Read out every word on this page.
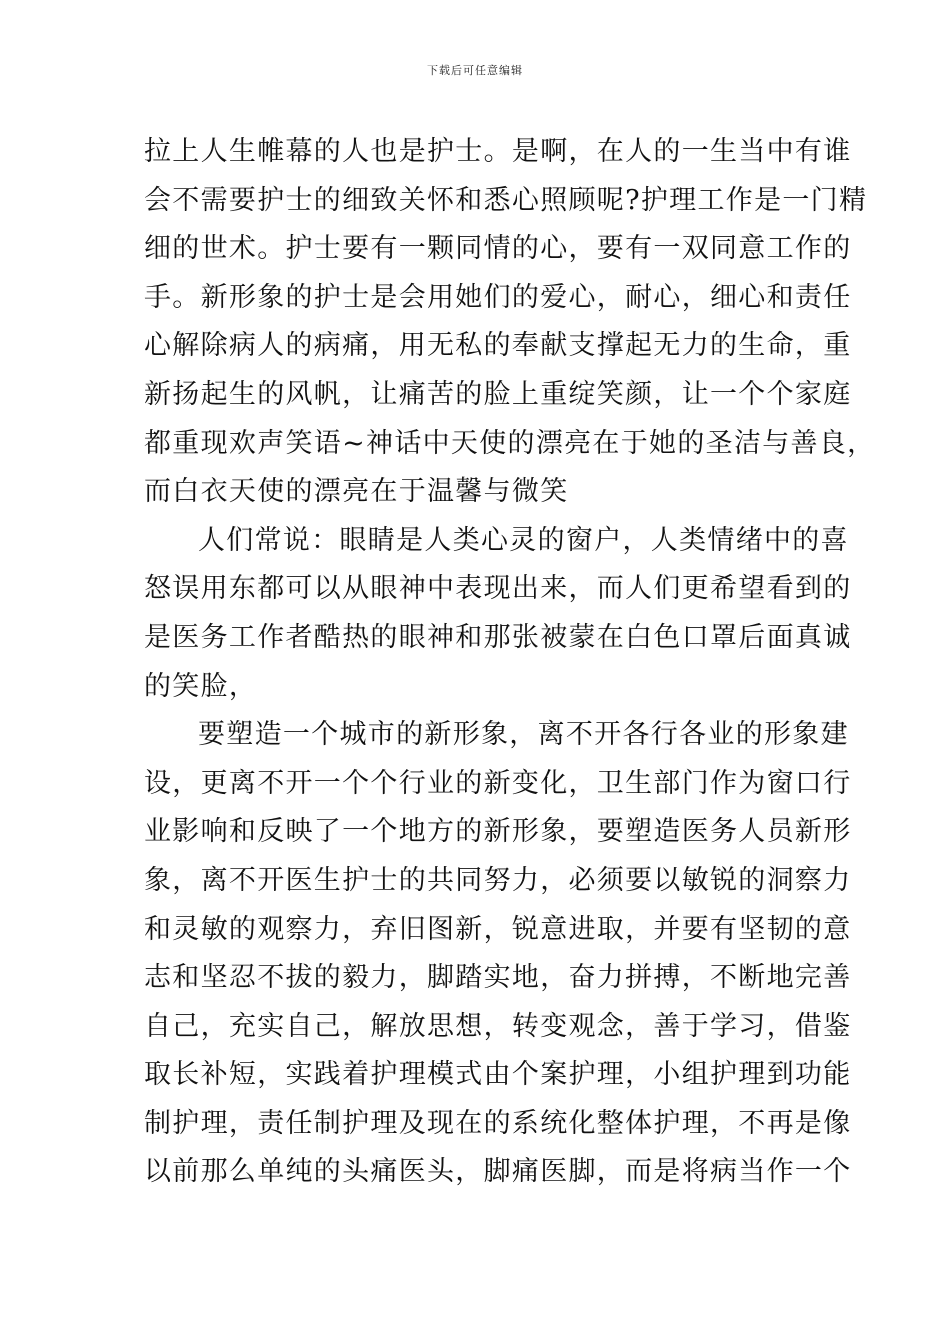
下载后可任意编辑
拉上人生帷幕的人也是护士。是啊，在人的一生当中有谁
会不需要护士的细致关怀和悉心照顾呢?护理工作是一门精
细的世术。护士要有一颗同情的心，要有一双同意工作的
手。新形象的护士是会用她们的爱心，耐心，细心和责任
心解除病人的病痛，用无私的奉献支撑起无力的生命，重
新扬起生的风帆，让痛苦的脸上重绽笑颜，让一个个家庭
都重现欢声笑语~神话中天使的漂亮在于她的圣洁与善良，
而白衣天使的漂亮在于温馨与微笑
人们常说：眼睛是人类心灵的窗户，人类情绪中的喜
怒误用东都可以从眼神中表现出来，而人们更希望看到的
是医务工作者酷热的眼神和那张被蒙在白色口罩后面真诚
的笑脸，
要塑造一个城市的新形象，离不开各行各业的形象建
设，更离不开一个个行业的新变化，卫生部门作为窗口行
业影响和反映了一个地方的新形象，要塑造医务人员新形
象，离不开医生护士的共同努力，必须要以敏锐的洞察力
和灵敏的观察力，弃旧图新，锐意进取，并要有坚韧的意
志和坚忍不拔的毅力，脚踏实地，奋力拼搏，不断地完善
自己，充实自己，解放思想，转变观念，善于学习，借鉴
取长补短，实践着护理模式由个案护理，小组护理到功能
制护理，责任制护理及现在的系统化整体护理，不再是像
以前那么单纯的头痛医头，脚痛医脚，而是将病当作一个
